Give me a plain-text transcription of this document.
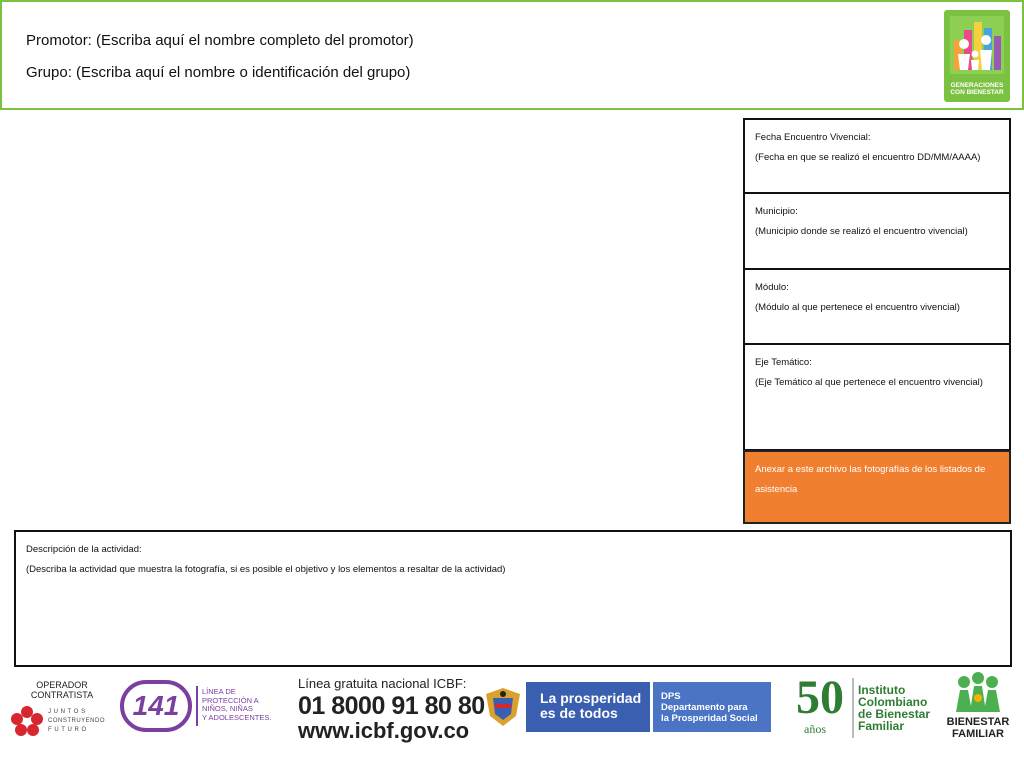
Promotor: (Escriba aquí el nombre completo del promotor)
Grupo: (Escriba aquí el nombre o identificación del grupo)
GENERACIONES
CON BIENESTAR
Fecha Encuentro Vivencial:
(Fecha en que se realizó el encuentro DD/MM/AAAA)
Municipio:
(Municipio donde se realizó el encuentro vivencial)
Módulo:
(Módulo al que pertenece el encuentro vivencial)
Eje Temático:
(Eje Temático al que pertenece el encuentro vivencial)
Anexar a este archivo las fotografías de los listados de asistencia
Descripción de la actividad:
(Describa la actividad que muestra la fotografía, si es posible el objetivo y los elementos a resaltar de la actividad)
OPERADOR
CONTRATISTA
J U N T O S
CONSTRUYENDO
F U T U R O
141	LÍNEA DE
PROTECCIÓN A
NIÑOS, NIÑAS
Y ADOLESCENTES.
Línea gratuita nacional ICBF:
01 8000 91 80 80
www.icbf.gov.co
La prosperidad
es de todos
DPS
Departamento para
la Prosperidad Social 50
años
Instituto
Colombiano
de Bienestar
Familiar	BIENESTAR
FAMILIAR
